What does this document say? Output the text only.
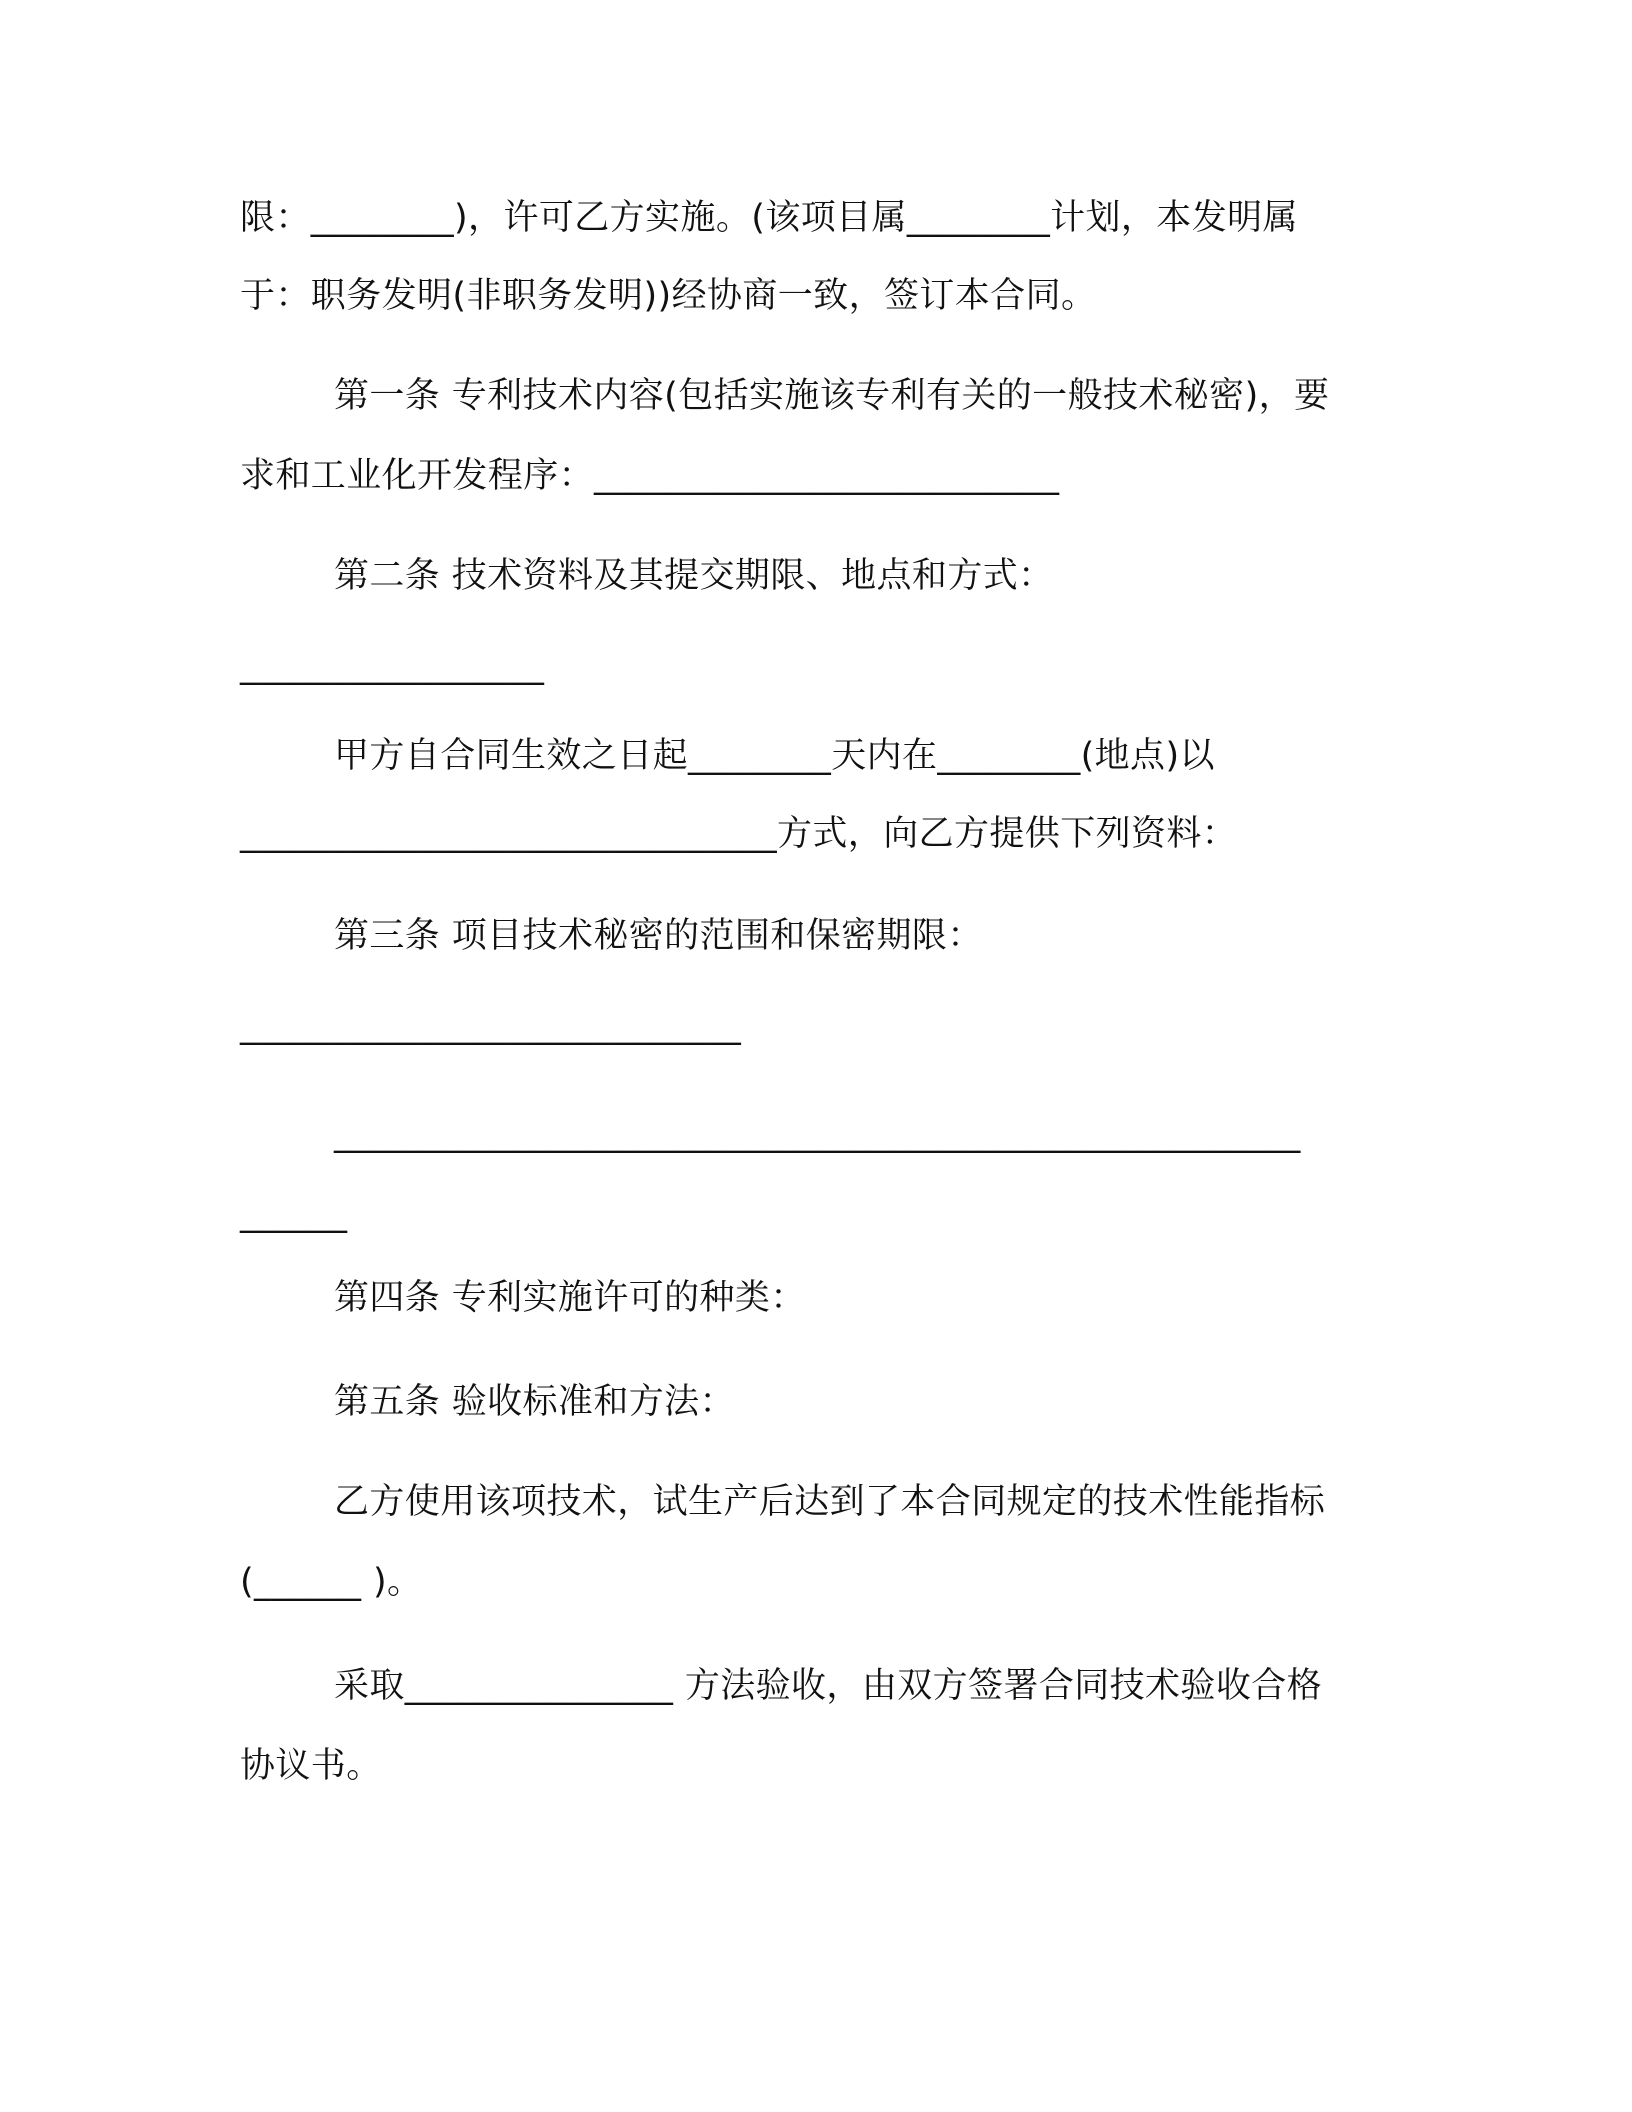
限：________)，许可乙方实施。(该项目属________计划，本发明属
于：职务发明(非职务发明))经协商一致，签订本合同。
第一条 专利技术内容(包括实施该专利有关的一般技术秘密)，要
求和工业化开发程序：__________________________
第二条 技术资料及其提交期限、地点和方式：
_________________
甲方自合同生效之日起________天内在________(地点)以
______________________________方式，向乙方提供下列资料：
第三条 项目技术秘密的范围和保密期限：
____________________________
______________________________________________________
______
第四条 专利实施许可的种类：
第五条 验收标准和方法：
乙方使用该项技术，试生产后达到了本合同规定的技术性能指标
(______ )。
采取_______________ 方法验收，由双方签署合同技术验收合格
协议书。
